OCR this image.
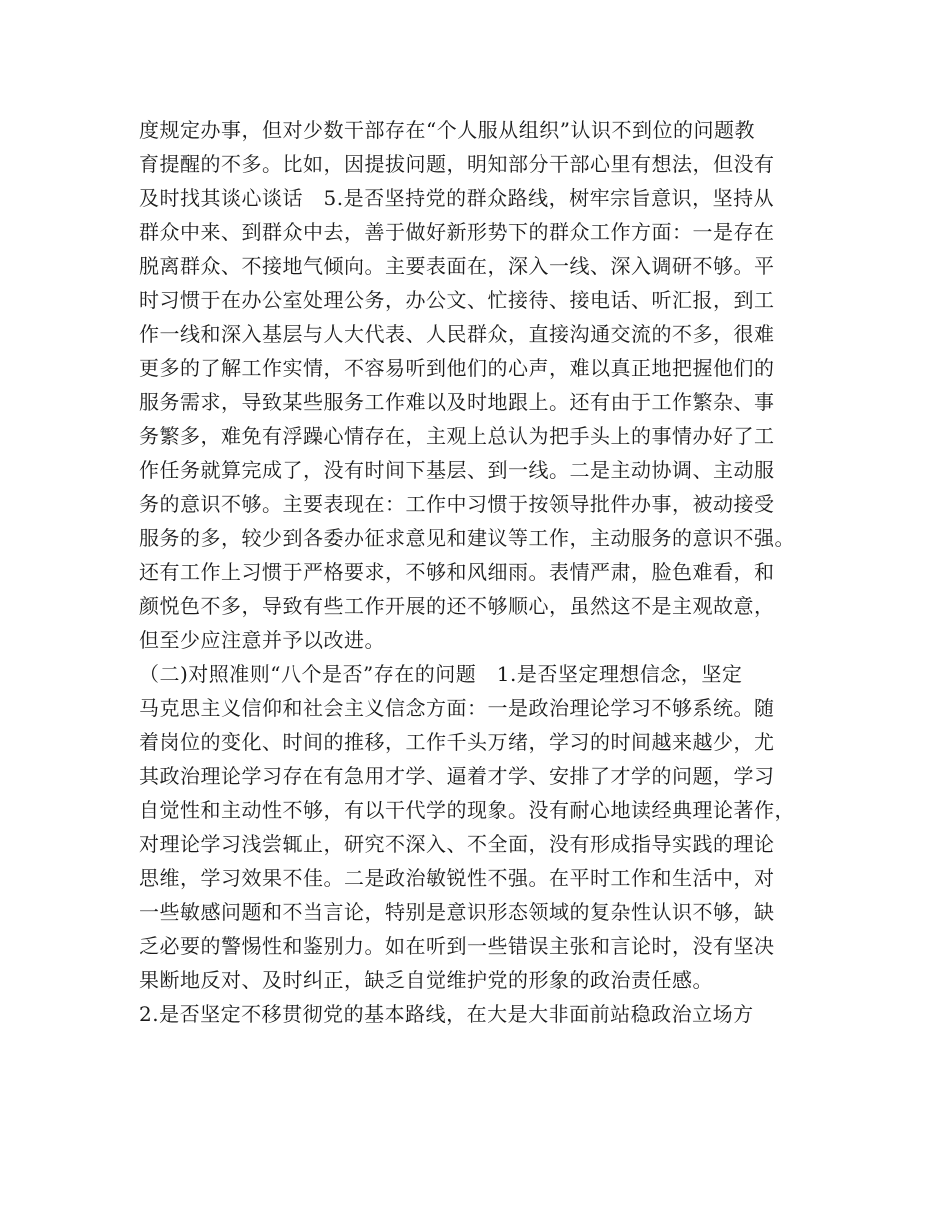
度规定办事，但对少数干部存在“个人服从组织”认识不到位的问题教
育提醒的不多。比如，因提拔问题，明知部分干部心里有想法，但没有
及时找其谈心谈话　5.是否坚持党的群众路线，树牢宗旨意识，坚持从
群众中来、到群众中去，善于做好新形势下的群众工作方面：一是存在
脱离群众、不接地气倾向。主要表面在，深入一线、深入调研不够。平
时习惯于在办公室处理公务，办公文、忙接待、接电话、听汇报，到工
作一线和深入基层与人大代表、人民群众，直接沟通交流的不多，很难
更多的了解工作实情，不容易听到他们的心声，难以真正地把握他们的
服务需求，导致某些服务工作难以及时地跟上。还有由于工作繁杂、事
务繁多，难免有浮躁心情存在，主观上总认为把手头上的事情办好了工
作任务就算完成了，没有时间下基层、到一线。二是主动协调、主动服
务的意识不够。主要表现在：工作中习惯于按领导批件办事，被动接受
服务的多，较少到各委办征求意见和建议等工作，主动服务的意识不强。
还有工作上习惯于严格要求，不够和风细雨。表情严肃，脸色难看，和
颜悦色不多，导致有些工作开展的还不够顺心，虽然这不是主观故意，
但至少应注意并予以改进。
（二)对照准则“八个是否”存在的问题　1.是否坚定理想信念，坚定
马克思主义信仰和社会主义信念方面：一是政治理论学习不够系统。随
着岗位的变化、时间的推移，工作千头万绪，学习的时间越来越少，尤
其政治理论学习存在有急用才学、逼着才学、安排了才学的问题，学习
自觉性和主动性不够，有以干代学的现象。没有耐心地读经典理论著作，
对理论学习浅尝辄止，研究不深入、不全面，没有形成指导实践的理论
思维，学习效果不佳。二是政治敏锐性不强。在平时工作和生活中，对
一些敏感问题和不当言论，特别是意识形态领域的复杂性认识不够，缺
乏必要的警惕性和鉴别力。如在听到一些错误主张和言论时，没有坚决
果断地反对、及时纠正，缺乏自觉维护党的形象的政治责任感。
2.是否坚定不移贯彻党的基本路线，在大是大非面前站稳政治立场方
